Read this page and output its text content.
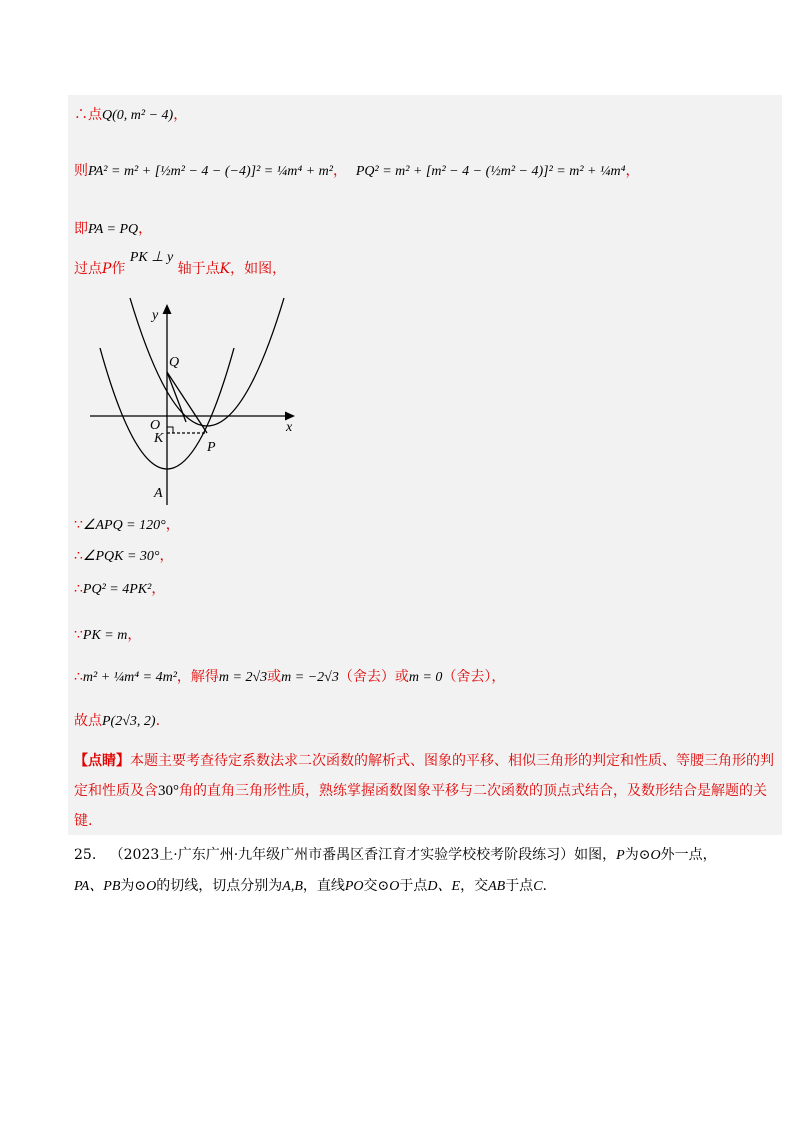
∴点Q(0, m² − 4)，
则PA² = m² + [½m² − 4 − (−4)]² = ¼m⁴ + m²， PQ² = m² + [m² − 4 − (½m² − 4)]² = m² + ¼m⁴，
即PA = PQ，
过点P作 PK ⊥ y 轴于点K，如图，
y
x
Q
O
K
P
A
∵∠APQ = 120°，
∴∠PQK = 30°，
∴PQ² = 4PK²，
∵PK = m，
∴m² + ¼m⁴ = 4m²，解得m = 2√3或m = −2√3（舍去）或m = 0（舍去），
故点P(2√3, 2).
【点睛】本题主要考查待定系数法求二次函数的解析式、图象的平移、相似三角形的判定和性质、等腰三角形的判定和性质及含30°角的直角三角形性质，熟练掌握函数图象平移与二次函数的顶点式结合，及数形结合是解题的关键.
25. （2023上·广东广州·九年级广州市番禺区香江育才实验学校校考阶段练习）如图，P为⊙O外一点，
PA、PB为⊙O的切线，切点分别为A,B，直线PO交⊙O于点D、E，交AB于点C.
